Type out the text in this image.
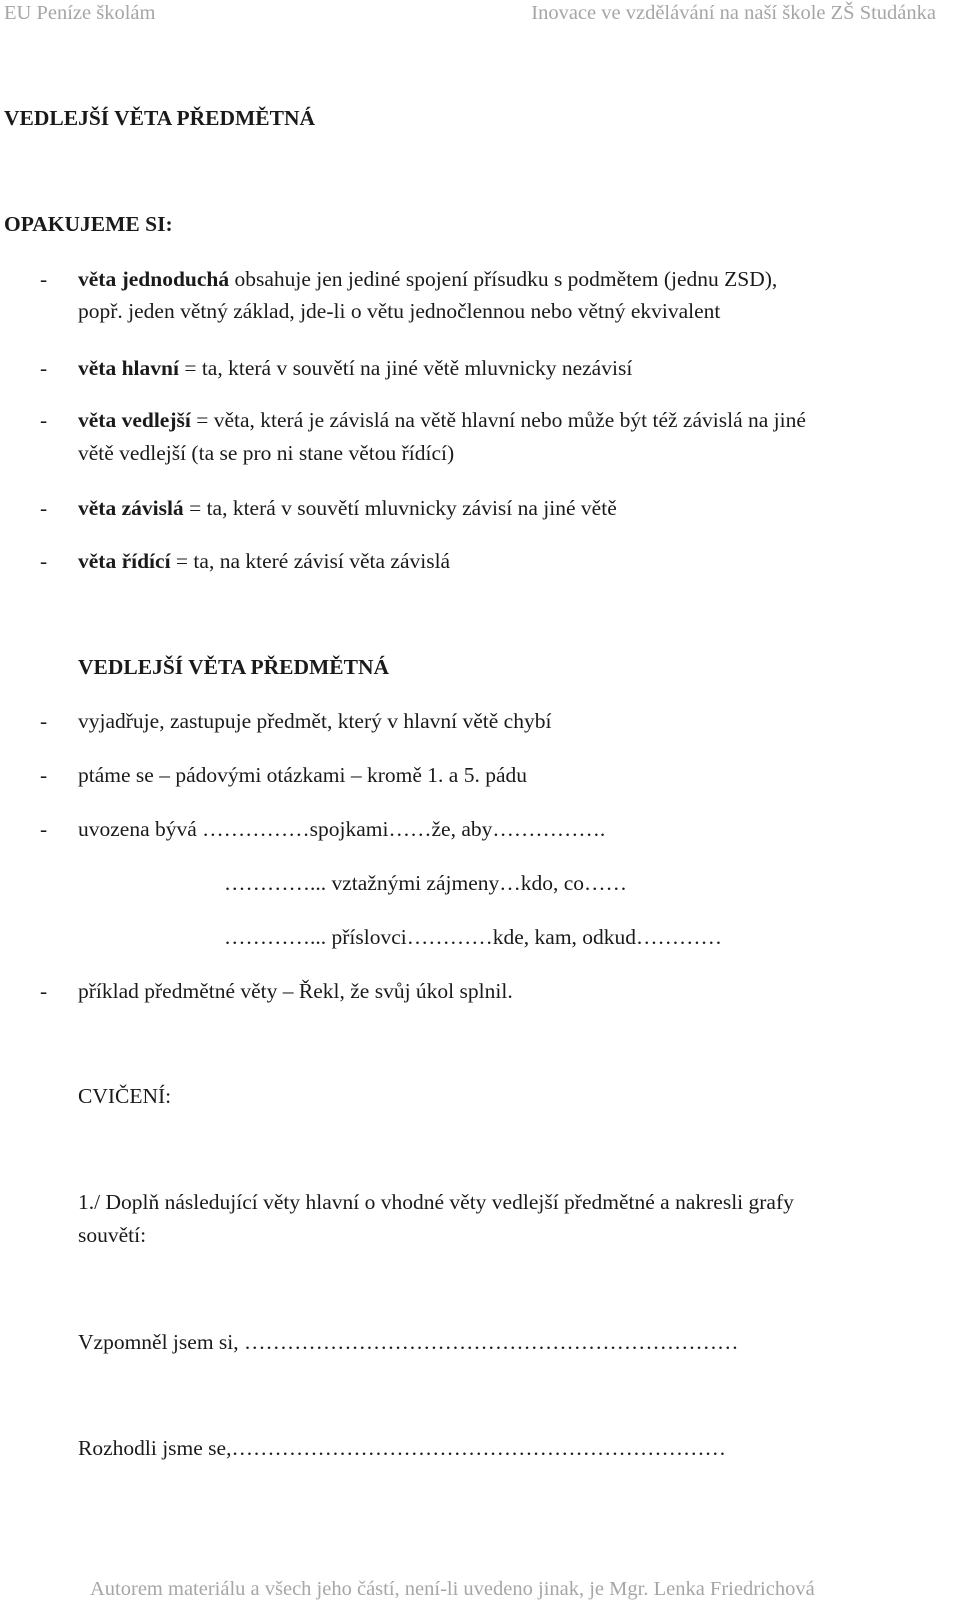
EU Peníze školám	Inovace ve vzdělávání na naší škole ZŠ Studánka
VEDLEJŠÍ VĚTA PŘEDMĚTNÁ
OPAKUJEME SI:
- věta jednoduchá obsahuje jen jediné spojení přísudku s podmětem (jednu ZSD),
popř. jeden větný základ, jde-li o větu jednočlennou nebo větný ekvivalent
- věta hlavní = ta, která v souvětí na jiné větě mluvnicky nezávisí
- věta vedlejší = věta, která je závislá na větě hlavní nebo může být též závislá na jiné
větě vedlejší (ta se pro ni stane větou řídící)
- věta závislá = ta, která v souvětí mluvnicky závisí na jiné větě
- věta řídící = ta, na které závisí věta závislá
VEDLEJŠÍ VĚTA PŘEDMĚTNÁ
- vyjadřuje, zastupuje předmět, který v hlavní větě chybí
- ptáme se – pádovými otázkami – kromě 1. a 5. pádu
- uvozena bývá ……………spojkami……že, aby…………….
…………... vztažnými zájmeny…kdo, co……
…………... příslovci…………kde, kam, odkud…………
- příklad předmětné věty – Řekl, že svůj úkol splnil.
CVIČENÍ:
1./ Doplň následující věty hlavní o vhodné věty vedlejší předmětné a nakresli grafy
souvětí:
Vzpomněl jsem si, ……………………………………………………………
Rozhodli jsme se,……………………………………………………………
Autorem materiálu a všech jeho částí, není-li uvedeno jinak, je Mgr. Lenka Friedrichová
